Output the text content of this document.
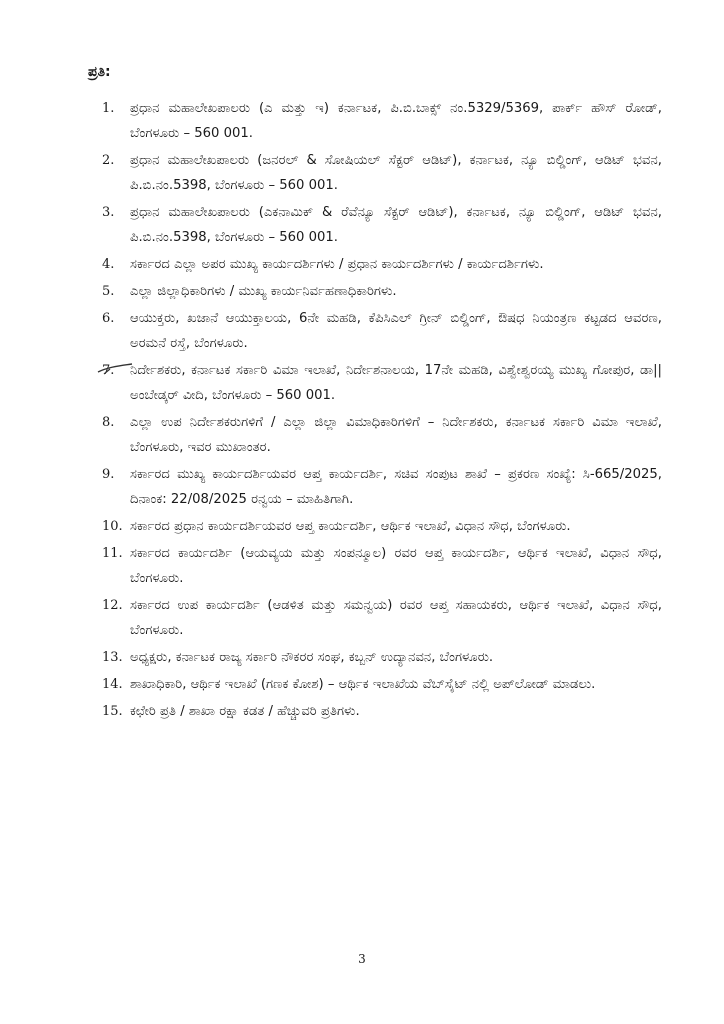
ಪ್ರತಿ:
1.	ಪ್ರಧಾನ ಮಹಾಲೇಖಪಾಲರು (ಎ ಮತ್ತು ಇ) ಕರ್ನಾಟಕ, ಪಿ.ಬಿ.ಬಾಕ್ಸ್ ನಂ.5329/5369, ಪಾರ್ಕ್ ಹೌಸ್ ರೋಡ್, ಬೆಂಗಳೂರು – 560 001.
2.	ಪ್ರಧಾನ ಮಹಾಲೇಖಪಾಲರು (ಜನರಲ್ & ಸೋಷಿಯಲ್ ಸೆಕ್ಟರ್ ಆಡಿಟ್), ಕರ್ನಾಟಕ, ನ್ಯೂ ಬಿಲ್ಡಿಂಗ್, ಆಡಿಟ್ ಭವನ, ಪಿ.ಬಿ.ನಂ.5398, ಬೆಂಗಳೂರು – 560 001.
3.	ಪ್ರಧಾನ ಮಹಾಲೇಖಪಾಲರು (ಎಕನಾಮಿಕ್ & ರೆವೆನ್ಯೂ ಸೆಕ್ಟರ್ ಆಡಿಟ್), ಕರ್ನಾಟಕ, ನ್ಯೂ ಬಿಲ್ಡಿಂಗ್, ಆಡಿಟ್ ಭವನ, ಪಿ.ಬಿ.ನಂ.5398, ಬೆಂಗಳೂರು – 560 001.
4.	ಸರ್ಕಾರದ ಎಲ್ಲಾ ಅಪರ ಮುಖ್ಯ ಕಾರ್ಯದರ್ಶಿಗಳು / ಪ್ರಧಾನ ಕಾರ್ಯದರ್ಶಿಗಳು / ಕಾರ್ಯದರ್ಶಿಗಳು.
5.	ಎಲ್ಲಾ ಜಿಲ್ಲಾಧಿಕಾರಿಗಳು / ಮುಖ್ಯ ಕಾರ್ಯನಿರ್ವಹಣಾಧಿಕಾರಿಗಳು.
6.	ಆಯುಕ್ತರು, ಖಜಾನೆ ಆಯುಕ್ತಾಲಯ, 6ನೇ ಮಹಡಿ, ಕೆಪಿಸಿಎಲ್ ಗ್ರೀನ್ ಬಿಲ್ಡಿಂಗ್, ಔಷಧ ನಿಯಂತ್ರಣ ಕಟ್ಟಡದ ಆವರಣ, ಅರಮನೆ ರಸ್ತೆ, ಬೆಂಗಳೂರು.
7.	ನಿರ್ದೇಶಕರು, ಕರ್ನಾಟಕ ಸರ್ಕಾರಿ ವಿಮಾ ಇಲಾಖೆ, ನಿರ್ದೇಶನಾಲಯ, 17ನೇ ಮಹಡಿ, ವಿಶ್ವೇಶ್ವರಯ್ಯ ಮುಖ್ಯ ಗೋಪುರ, ಡಾ|| ಅಂಬೇಡ್ಕರ್ ವೀದಿ, ಬೆಂಗಳೂರು – 560 001.
8.	ಎಲ್ಲಾ ಉಪ ನಿರ್ದೇಶಕರುಗಳಿಗೆ / ಎಲ್ಲಾ ಜಿಲ್ಲಾ ವಿಮಾಧಿಕಾರಿಗಳಿಗೆ – ನಿರ್ದೇಶಕರು, ಕರ್ನಾಟಕ ಸರ್ಕಾರಿ ವಿಮಾ ಇಲಾಖೆ, ಬೆಂಗಳೂರು, ಇವರ ಮುಖಾಂತರ.
9.	ಸರ್ಕಾರದ ಮುಖ್ಯ ಕಾರ್ಯದರ್ಶಿಯವರ ಆಪ್ತ ಕಾರ್ಯದರ್ಶಿ, ಸಚಿವ ಸಂಪುಟ ಶಾಖೆ – ಪ್ರಕರಣ ಸಂಖ್ಯೆ: ಸಿ-665/2025, ದಿನಾಂಕ: 22/08/2025 ರನ್ವಯ – ಮಾಹಿತಿಗಾಗಿ.
10. ಸರ್ಕಾರದ ಪ್ರಧಾನ ಕಾರ್ಯದರ್ಶಿಯವರ ಆಪ್ತ ಕಾರ್ಯದರ್ಶಿ, ಆರ್ಥಿಕ ಇಲಾಖೆ, ವಿಧಾನ ಸೌಧ, ಬೆಂಗಳೂರು.
11. ಸರ್ಕಾರದ ಕಾರ್ಯದರ್ಶಿ (ಆಯವ್ಯಯ ಮತ್ತು ಸಂಪನ್ಮೂಲ) ರವರ ಆಪ್ತ ಕಾರ್ಯದರ್ಶಿ, ಆರ್ಥಿಕ ಇಲಾಖೆ, ವಿಧಾನ ಸೌಧ, ಬೆಂಗಳೂರು.
12. ಸರ್ಕಾರದ ಉಪ ಕಾರ್ಯದರ್ಶಿ (ಆಡಳಿತ ಮತ್ತು ಸಮನ್ವಯ) ರವರ ಆಪ್ತ ಸಹಾಯಕರು, ಆರ್ಥಿಕ ಇಲಾಖೆ, ವಿಧಾನ ಸೌಧ, ಬೆಂಗಳೂರು.
13. ಅಧ್ಯಕ್ಷರು, ಕರ್ನಾಟಕ ರಾಜ್ಯ ಸರ್ಕಾರಿ ನೌಕರರ ಸಂಘ, ಕಬ್ಬನ್ ಉದ್ಯಾನವನ, ಬೆಂಗಳೂರು.
14. ಶಾಖಾಧಿಕಾರಿ, ಆರ್ಥಿಕ ಇಲಾಖೆ (ಗಣಕ ಕೋಶ) – ಆರ್ಥಿಕ ಇಲಾಖೆಯ ವೆಬ್‌ಸೈಟ್ ನಲ್ಲಿ ಅಪ್‌ಲೋಡ್ ಮಾಡಲು.
15. ಕಛೇರಿ ಪ್ರತಿ / ಶಾಖಾ ರಕ್ಷಾ ಕಡತ / ಹೆಚ್ಚುವರಿ ಪ್ರತಿಗಳು.
3
